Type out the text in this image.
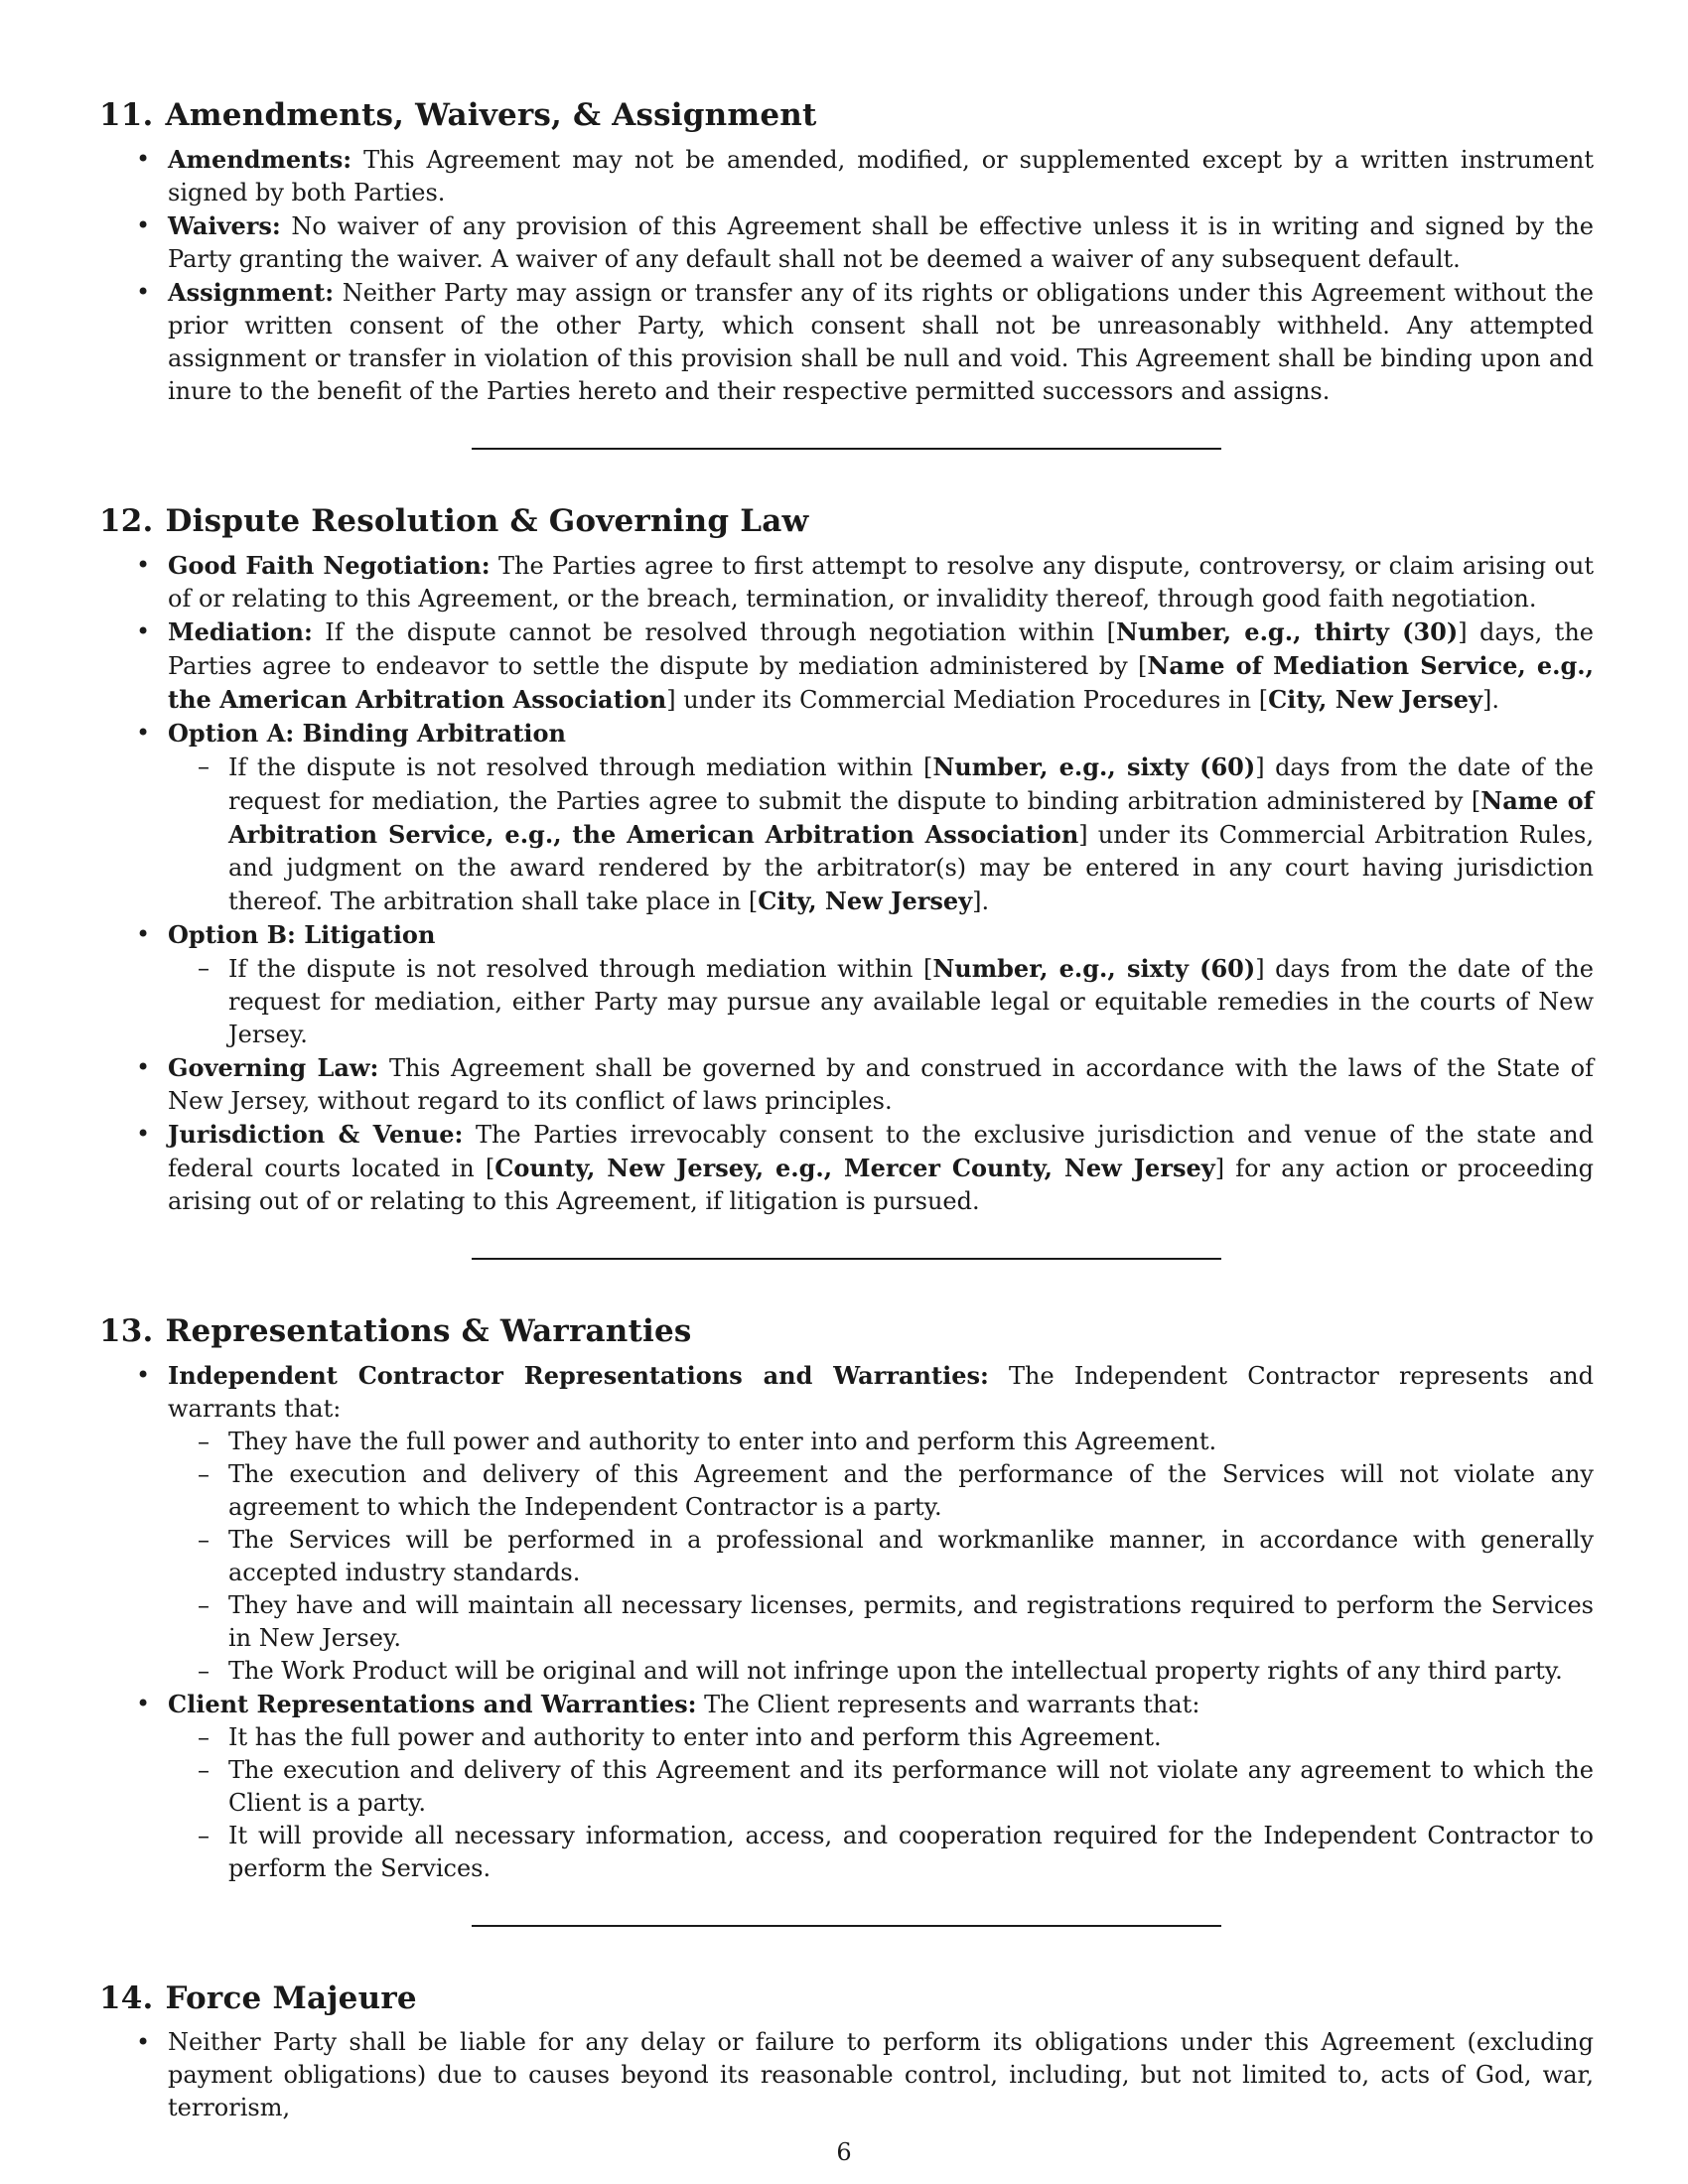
11. Amendments, Waivers, & Assignment
• Amendments: This Agreement may not be amended, modified, or supplemented except by a written instrument signed by both Parties.
• Waivers: No waiver of any provision of this Agreement shall be effective unless it is in writing and signed by the Party granting the waiver. A waiver of any default shall not be deemed a waiver of any subsequent default.
• Assignment: Neither Party may assign or transfer any of its rights or obligations under this Agreement without the prior written consent of the other Party, which consent shall not be unreasonably withheld. Any attempted assignment or transfer in violation of this provision shall be null and void. This Agreement shall be binding upon and inure to the benefit of the Parties hereto and their respective permitted successors and assigns.
12. Dispute Resolution & Governing Law
• Good Faith Negotiation: The Parties agree to first attempt to resolve any dispute, controversy, or claim arising out of or relating to this Agreement, or the breach, termination, or invalidity thereof, through good faith negotiation.
• Mediation: If the dispute cannot be resolved through negotiation within [Number, e.g., thirty (30)] days, the Parties agree to endeavor to settle the dispute by mediation administered by [Name of Mediation Service, e.g., the American Arbitration Association] under its Commercial Mediation Procedures in [City, New Jersey].
• Option A: Binding Arbitration
– If the dispute is not resolved through mediation within [Number, e.g., sixty (60)] days from the date of the request for mediation, the Parties agree to submit the dispute to binding arbitration administered by [Name of Arbitration Service, e.g., the American Arbitration Association] under its Commercial Arbitration Rules, and judgment on the award rendered by the arbitrator(s) may be entered in any court having jurisdiction thereof. The arbitration shall take place in [City, New Jersey].
• Option B: Litigation
– If the dispute is not resolved through mediation within [Number, e.g., sixty (60)] days from the date of the request for mediation, either Party may pursue any available legal or equitable remedies in the courts of New Jersey.
• Governing Law: This Agreement shall be governed by and construed in accordance with the laws of the State of New Jersey, without regard to its conflict of laws principles.
• Jurisdiction & Venue: The Parties irrevocably consent to the exclusive jurisdiction and venue of the state and federal courts located in [County, New Jersey, e.g., Mercer County, New Jersey] for any action or proceeding arising out of or relating to this Agreement, if litigation is pursued.
13. Representations & Warranties
• Independent Contractor Representations and Warranties: The Independent Contractor represents and warrants that:
– They have the full power and authority to enter into and perform this Agreement.
– The execution and delivery of this Agreement and the performance of the Services will not violate any agreement to which the Independent Contractor is a party.
– The Services will be performed in a professional and workmanlike manner, in accordance with generally accepted industry standards.
– They have and will maintain all necessary licenses, permits, and registrations required to perform the Services in New Jersey.
– The Work Product will be original and will not infringe upon the intellectual property rights of any third party.
• Client Representations and Warranties: The Client represents and warrants that:
– It has the full power and authority to enter into and perform this Agreement.
– The execution and delivery of this Agreement and its performance will not violate any agreement to which the Client is a party.
– It will provide all necessary information, access, and cooperation required for the Independent Contractor to perform the Services.
14. Force Majeure
• Neither Party shall be liable for any delay or failure to perform its obligations under this Agreement (excluding payment obligations) due to causes beyond its reasonable control, including, but not limited to, acts of God, war, terrorism,
6
